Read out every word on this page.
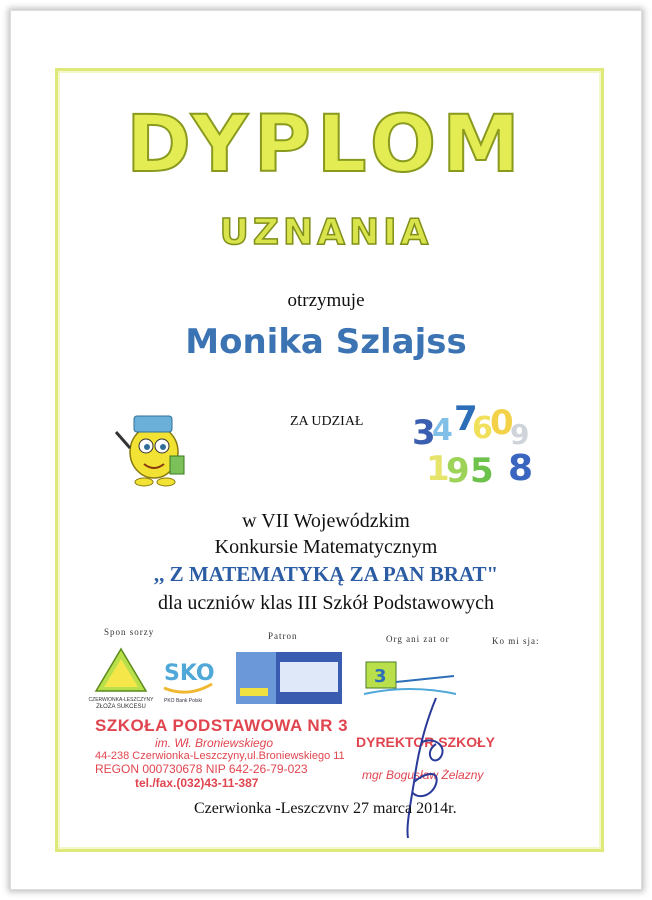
DYPLOM
UZNANIA
otrzymuje
Monika Szlajss
ZA UDZIAŁ 3
4 7
6
0
9
1
9 5 8
w VII Wojewódzkim
Konkursie Matematycznym
,, Z MATEMATYKĄ ZA PAN BRAT"
dla uczniów klas III Szkół Podstawowych
Spon sorzy	Patron	Org ani zat or	Ko mi sja:
CZERWIONKA-LESZCZYNY
ZŁOŻA SUKCESU
SKO
PKO Bank Polski
3
SZKOŁA PODSTAWOWA NR 3
im. Wł. Broniewskiego
44-238 Czerwionka-Leszczyny,ul.Broniewskiego 11
REGON 000730678 NIP 642-26-79-023
tel./fax.(032)43-11-387
DYREKTOR SZKOŁY
mgr Bogusław Żelazny
Czerwionka -Leszczvnv 27 marca 2014r.
